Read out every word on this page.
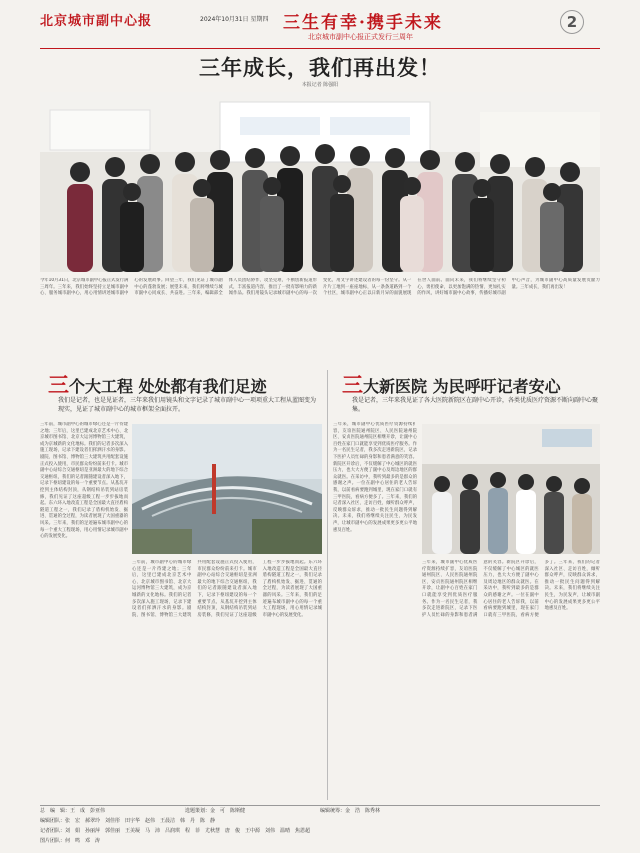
北京城市副中心报	2024年10月31日 星期四 三生有幸·携手未来
北京城市副中心报正式发行三周年
2
三年成长，我们再出发！
本报记者 陈强阳
今年10月31日，北京城市副中心报正式发行满三周年。三年来，我们始终坚持立足城市副中心、服务城市副中心，用心用情讲述城市副中心的发展故事。回望三年，我们见证了城市副中心的蓬勃发展；展望未来，我们将继续与城市副中心同成长、共奋进。三年来，编辑部全体人员团结协作、攻坚克难，不断创新报道形式，丰富报道内容，推出了一批有影响力的新闻作品。我们用镜头记录城市副中心的每一次变化，用文字讲述建设者的每一份坚守。从一片片工地到一座座地标，从一条条道路到一个个社区，城市副中心正以日新月异的面貌展现在世人面前。面向未来，我们将继续坚守初心，勇担使命，以更加饱满的热情、更加扎实的作风，讲好城市副中心故事，传播好城市副中心声音，为城市副中心高质量发展贡献力量。三年成长，我们再出发！
三个大工程 处处都有我们足迹
我们是记者，也是见证者，三年来我们用镜头和文字记录了城市副中心一项项重大工程从蓝图变为现实，见证了城市副中心的城市框架全面拉开。
三年前，城市副中心的城市绿心还是一片待建之地；三年后，这里已建成北京艺术中心、北京城市图书馆、北京大运河博物馆三大建筑，成为京城新的文化地标。我们的记者多次深入施工现场，记录下建设者们挥洒汗水的身影。剧院、图书馆、博物馆三大建筑共用配套设施正式投入使用，市民群众纷纷前来打卡。城市副中心站综合交通枢纽是亚洲最大的地下综合交通枢纽，我们的记者跟随建设者深入地下，记录下枢纽建设的每一个重要节点。从基坑开挖到主体结构封顶，从钢结构吊装到站房装修，我们见证了这座超级工程一步步拔地而起。东六环入地改造工程是全国最大直径盾构隧道工程之一，我们记录了盾构机始发、掘进、贯通的全过程，为读者展现了大国重器的风采。三年来，我们的足迹遍布城市副中心的每一个重大工程现场，用心用情记录城市副中心的发展变化。
三年前，城市副中心的城市绿心还是一片待建之地；三年后，这里已建成北京艺术中心、北京城市图书馆、北京大运河博物馆三大建筑，成为京城新的文化地标。我们的记者多次深入施工现场，记录下建设者们挥洒汗水的身影。剧院、图书馆、博物馆三大建筑共用配套设施正式投入使用，市民群众纷纷前来打卡。城市副中心站综合交通枢纽是亚洲最大的地下综合交通枢纽，我们的记者跟随建设者深入地下，记录下枢纽建设的每一个重要节点。从基坑开挖到主体结构封顶，从钢结构吊装到站房装修，我们见证了这座超级工程一步步拔地而起。东六环入地改造工程是全国最大直径盾构隧道工程之一，我们记录了盾构机始发、掘进、贯通的全过程，为读者展现了大国重器的风采。三年来，我们的足迹遍布城市副中心的每一个重大工程现场，用心用情记录城市副中心的发展变化。
三大新医院 为民呼吁记者安心
我是记者，三年来我见证了各大医院新院区在副中心开诊，各类优质医疗资源不断向副中心聚集。
三年来，城市副中心优质医疗资源持续扩容，友谊医院通州院区、人民医院通州院区、安贞医院通州院区相继开诊，让副中心百姓在家门口就能享受到优质医疗服务。作为一名民生记者，我多次走进新院区，记录下医护人员忙碌的身影和患者满意的笑容。新院区开诊后，不仅缓解了中心城区的就医压力，也大大方便了副中心及周边地区的群众就医。在采访中，我听到最多的是群众的感谢之声。一位在副中心居住的老人告诉我，以前看病要跑到城里，现在家门口就有三甲医院，看病方便多了。三年来，我们的记者深入社区、走访百姓，倾听群众呼声，反映群众诉求，推动一批民生问题得到解决。未来，我们将继续关注民生，为民发声，让城市副中心的发展成果更多更公平地惠及百姓。
三年来，城市副中心优质医疗资源持续扩容，友谊医院通州院区、人民医院通州院区、安贞医院通州院区相继开诊，让副中心百姓在家门口就能享受到优质医疗服务。作为一名民生记者，我多次走进新院区，记录下医护人员忙碌的身影和患者满意的笑容。新院区开诊后，不仅缓解了中心城区的就医压力，也大大方便了副中心及周边地区的群众就医。在采访中，我听到最多的是群众的感谢之声。一位在副中心居住的老人告诉我，以前看病要跑到城里，现在家门口就有三甲医院，看病方便多了。三年来，我们的记者深入社区、走访百姓，倾听群众呼声，反映群众诉求，推动一批民生问题得到解决。未来，我们将继续关注民生，为民发声，让城市副中心的发展成果更多更公平地惠及百姓。
总　编　辑：王　成　彭亚伟　　　　　　　　　　　　　　　　选题策划：金　可　陈斯健　　　　　　　　　　　　　　　编辑统筹：金　浩　陈秀林
编辑团队：张　宏　郝翠玲　刘佳彤　田宇华　赵伟　王晨洁　韩　丹　陈　静
记者团队：刘　娟　孙丽萍　郭佳丽　王美凝　马　沛　吕润琪　程　菲　尤秋慧　唐　俊　王中源　刘伟　温晴　焦恩超
图片团队：何　鸣　邓　涛
